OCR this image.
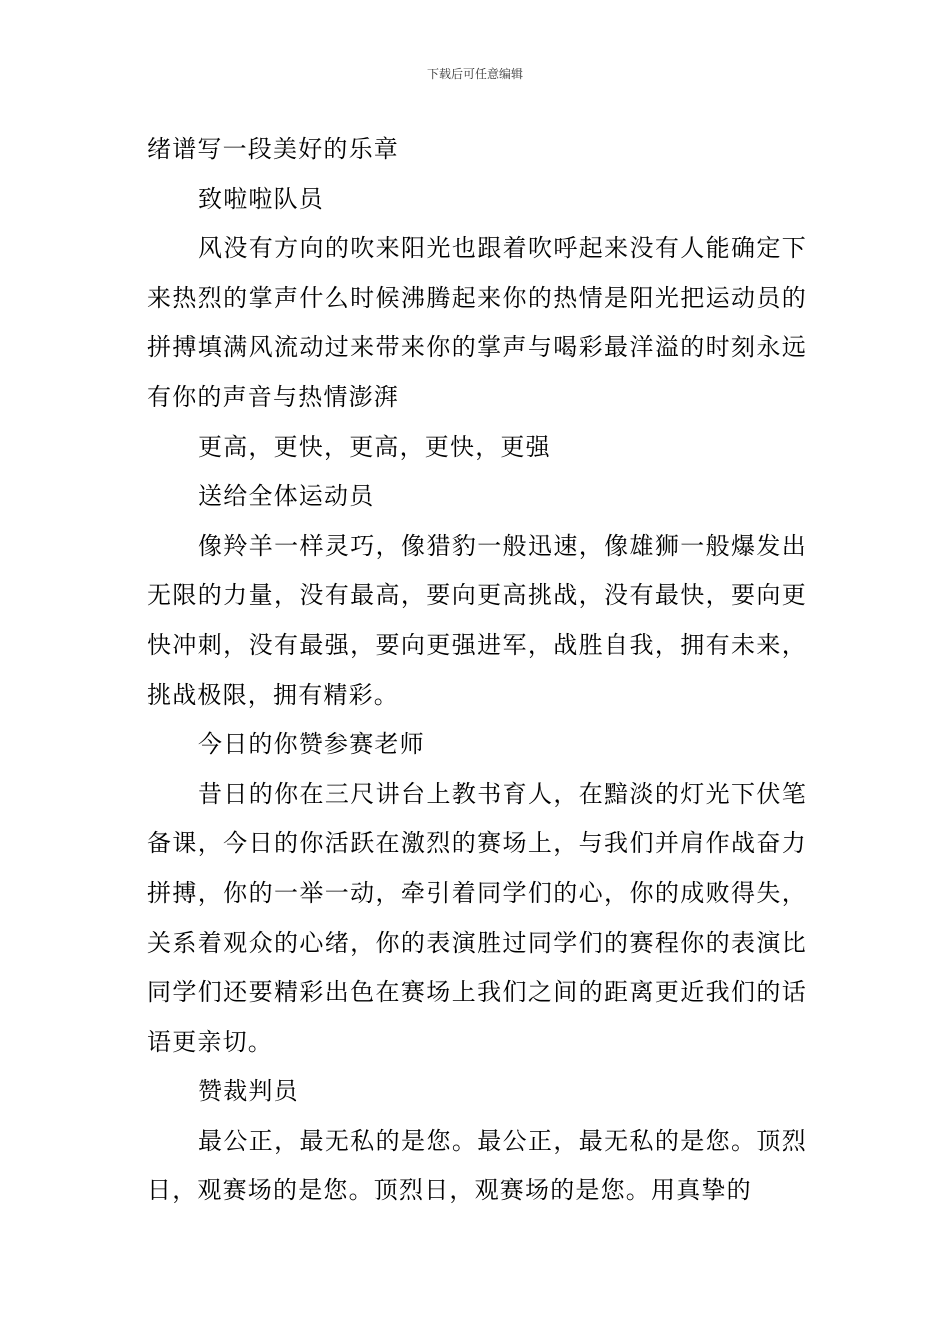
下载后可任意编辑

绪谱写一段美好的乐章

致啦啦队员

风没有方向的吹来阳光也跟着吹呼起来没有人能确定下来热烈的掌声什么时候沸腾起来你的热情是阳光把运动员的拼搏填满风流动过来带来你的掌声与喝彩最洋溢的时刻永远有你的声音与热情澎湃

更高，更快，更高，更快，更强

送给全体运动员

像羚羊一样灵巧，像猎豹一般迅速，像雄狮一般爆发出无限的力量，没有最高，要向更高挑战，没有最快，要向更快冲刺，没有最强，要向更强进军，战胜自我，拥有未来，挑战极限，拥有精彩。

今日的你赞参赛老师

昔日的你在三尺讲台上教书育人，在黯淡的灯光下伏笔备课，今日的你活跃在激烈的赛场上，与我们并肩作战奋力拼搏，你的一举一动，牵引着同学们的心，你的成败得失，关系着观众的心绪，你的表演胜过同学们的赛程你的表演比同学们还要精彩出色在赛场上我们之间的距离更近我们的话语更亲切。

赞裁判员

最公正，最无私的是您。最公正，最无私的是您。顶烈日，观赛场的是您。顶烈日，观赛场的是您。用真挚的
